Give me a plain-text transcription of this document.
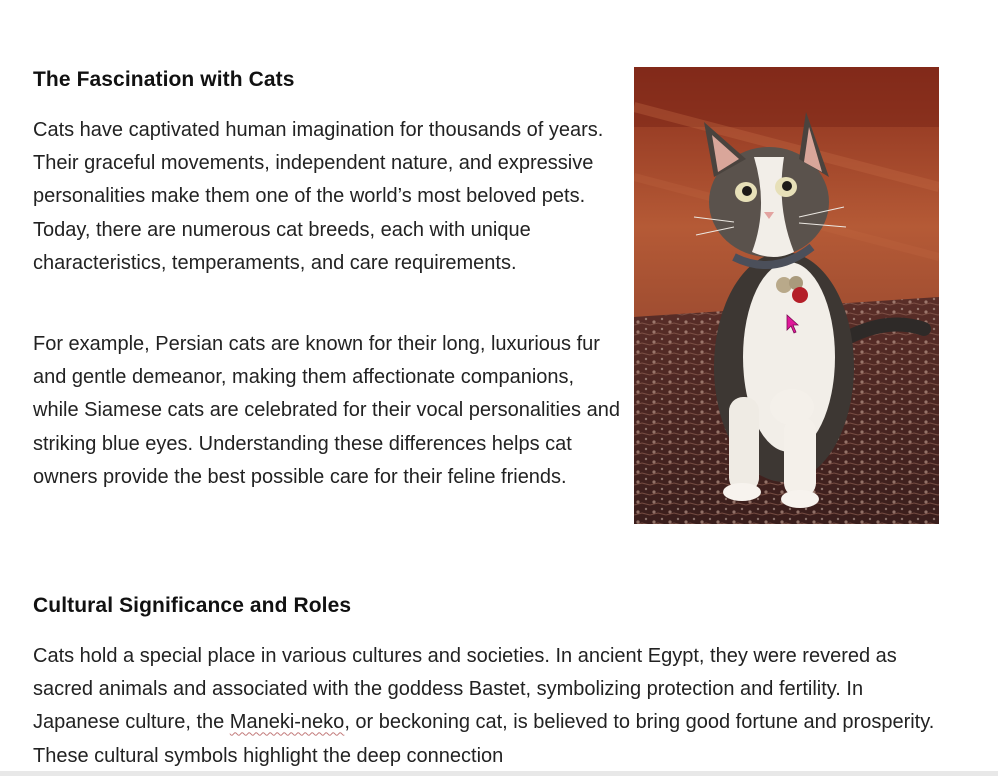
The Fascination with Cats

Cats have captivated human imagination for thousands of years. Their graceful movements, independent nature, and expressive personalities make them one of the world’s most beloved pets. Today, there are numerous cat breeds, each with unique characteristics, temperaments, and care requirements.

For example, Persian cats are known for their long, luxurious fur and gentle demeanor, making them affectionate companions, while Siamese cats are celebrated for their vocal personalities and striking blue eyes. Understanding these differences helps cat owners provide the best possible care for their feline friends.

Cultural Significance and Roles

Cats hold a special place in various cultures and societies. In ancient Egypt, they were revered as sacred animals and associated with the goddess Bastet, symbolizing protection and fertility. In Japanese culture, the Maneki-neko, or beckoning cat, is believed to bring good fortune and prosperity. These cultural symbols highlight the deep connection
